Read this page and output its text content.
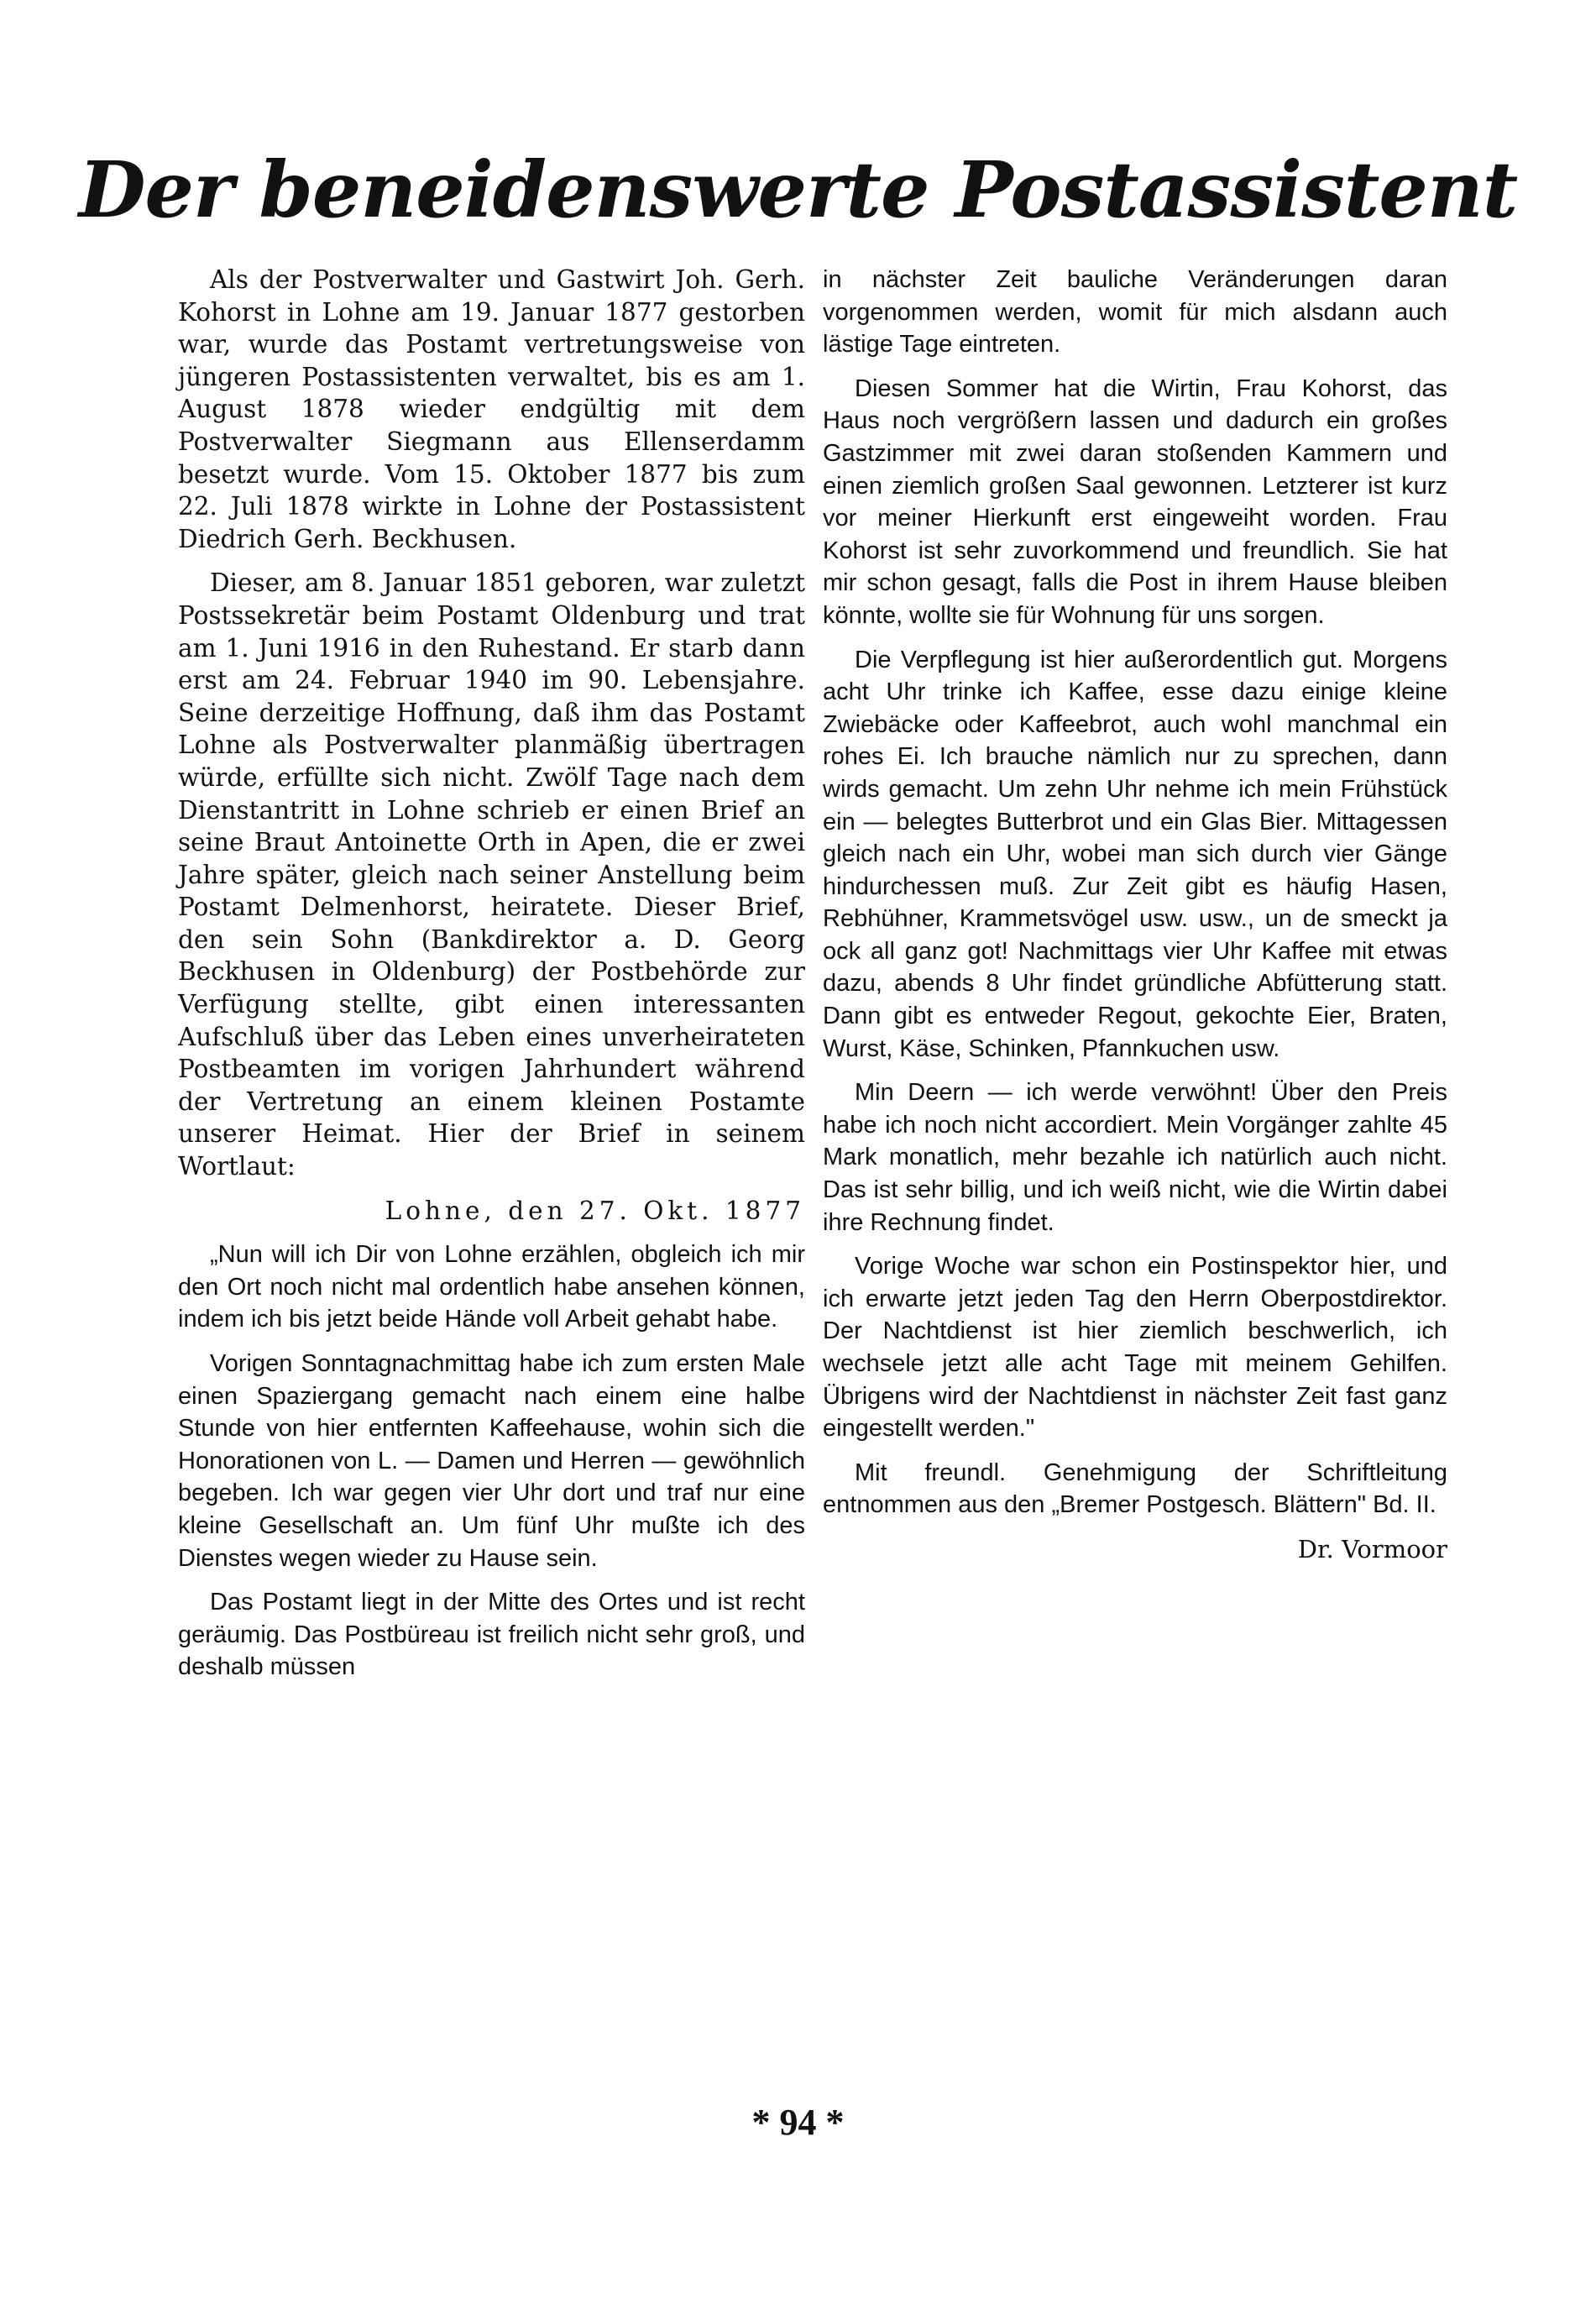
Der beneidenswerte Postassistent

Als der Postverwalter und Gastwirt Joh. Gerh. Kohorst in Lohne am 19. Januar 1877 gestorben war, wurde das Postamt vertretungsweise von jüngeren Postassistenten verwaltet, bis es am 1. August 1878 wieder endgültig mit dem Postverwalter Siegmann aus Ellenserdamm besetzt wurde. Vom 15. Oktober 1877 bis zum 22. Juli 1878 wirkte in Lohne der Postassistent Diedrich Gerh. Beckhusen.

Dieser, am 8. Januar 1851 geboren, war zuletzt Postssekretär beim Postamt Oldenburg und trat am 1. Juni 1916 in den Ruhestand. Er starb dann erst am 24. Februar 1940 im 90. Lebensjahre. Seine derzeitige Hoffnung, daß ihm das Postamt Lohne als Postverwalter planmäßig übertragen würde, erfüllte sich nicht. Zwölf Tage nach dem Dienstantritt in Lohne schrieb er einen Brief an seine Braut Antoinette Orth in Apen, die er zwei Jahre später, gleich nach seiner Anstellung beim Postamt Delmenhorst, heiratete. Dieser Brief, den sein Sohn (Bankdirektor a. D. Georg Beckhusen in Oldenburg) der Postbehörde zur Verfügung stellte, gibt einen interessanten Aufschluß über das Leben eines unverheirateten Postbeamten im vorigen Jahrhundert während der Vertretung an einem kleinen Postamte unserer Heimat. Hier der Brief in seinem Wortlaut:

Lohne, den 27. Okt. 1877

„Nun will ich Dir von Lohne erzählen, obgleich ich mir den Ort noch nicht mal ordentlich habe ansehen können, indem ich bis jetzt beide Hände voll Arbeit gehabt habe.

Vorigen Sonntagnachmittag habe ich zum ersten Male einen Spaziergang gemacht nach einem eine halbe Stunde von hier entfernten Kaffeehause, wohin sich die Honorationen von L. — Damen und Herren — gewöhnlich begeben. Ich war gegen vier Uhr dort und traf nur eine kleine Gesellschaft an. Um fünf Uhr mußte ich des Dienstes wegen wieder zu Hause sein.

Das Postamt liegt in der Mitte des Ortes und ist recht geräumig. Das Postbüreau ist freilich nicht sehr groß, und deshalb müssen

in nächster Zeit bauliche Veränderungen daran vorgenommen werden, womit für mich alsdann auch lästige Tage eintreten.

Diesen Sommer hat die Wirtin, Frau Kohorst, das Haus noch vergrößern lassen und dadurch ein großes Gastzimmer mit zwei daran stoßenden Kammern und einen ziemlich großen Saal gewonnen. Letzterer ist kurz vor meiner Hierkunft erst eingeweiht worden. Frau Kohorst ist sehr zuvorkommend und freundlich. Sie hat mir schon gesagt, falls die Post in ihrem Hause bleiben könnte, wollte sie für Wohnung für uns sorgen.

Die Verpflegung ist hier außerordentlich gut. Morgens acht Uhr trinke ich Kaffee, esse dazu einige kleine Zwiebäcke oder Kaffeebrot, auch wohl manchmal ein rohes Ei. Ich brauche nämlich nur zu sprechen, dann wirds gemacht. Um zehn Uhr nehme ich mein Frühstück ein — belegtes Butterbrot und ein Glas Bier. Mittagessen gleich nach ein Uhr, wobei man sich durch vier Gänge hindurchessen muß. Zur Zeit gibt es häufig Hasen, Rebhühner, Krammetsvögel usw. usw., un de smeckt ja ock all ganz got! Nachmittags vier Uhr Kaffee mit etwas dazu, abends 8 Uhr findet gründliche Abfütterung statt. Dann gibt es entweder Regout, gekochte Eier, Braten, Wurst, Käse, Schinken, Pfannkuchen usw.

Min Deern — ich werde verwöhnt! Über den Preis habe ich noch nicht accordiert. Mein Vorgänger zahlte 45 Mark monatlich, mehr bezahle ich natürlich auch nicht. Das ist sehr billig, und ich weiß nicht, wie die Wirtin dabei ihre Rechnung findet.

Vorige Woche war schon ein Postinspektor hier, und ich erwarte jetzt jeden Tag den Herrn Oberpostdirektor. Der Nachtdienst ist hier ziemlich beschwerlich, ich wechsele jetzt alle acht Tage mit meinem Gehilfen. Übrigens wird der Nachtdienst in nächster Zeit fast ganz eingestellt werden."

Mit freundl. Genehmigung der Schriftleitung entnommen aus den „Bremer Postgesch. Blättern" Bd. II.

Dr. Vormoor

* 94 *
